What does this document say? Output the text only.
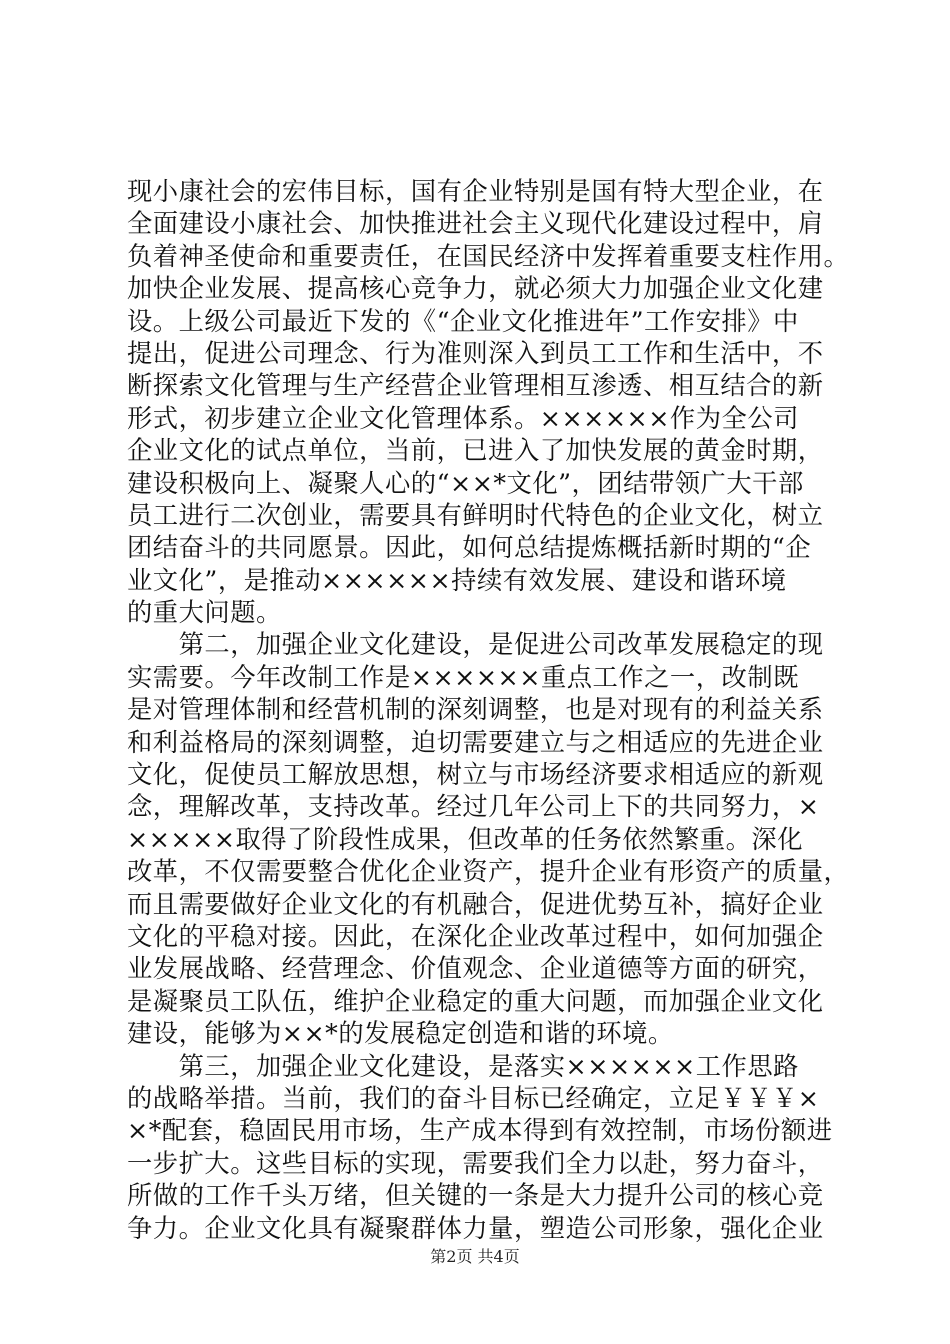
现小康社会的宏伟目标，国有企业特别是国有特大型企业，在
全面建设小康社会、加快推进社会主义现代化建设过程中，肩
负着神圣使命和重要责任，在国民经济中发挥着重要支柱作用。
加快企业发展、提高核心竞争力，就必须大力加强企业文化建
设。上级公司最近下发的《“企业文化推进年”工作安排》中
提出，促进公司理念、行为准则深入到员工工作和生活中，不
断探索文化管理与生产经营企业管理相互渗透、相互结合的新
形式，初步建立企业文化管理体系。××××××作为全公司
企业文化的试点单位，当前，已进入了加快发展的黄金时期，
建设积极向上、凝聚人心的“××*文化”，团结带领广大干部
员工进行二次创业，需要具有鲜明时代特色的企业文化，树立
团结奋斗的共同愿景。因此，如何总结提炼概括新时期的“企
业文化”，是推动××××××持续有效发展、建设和谐环境
的重大问题。
　　第二，加强企业文化建设，是促进公司改革发展稳定的现
实需要。今年改制工作是××××××重点工作之一，改制既
是对管理体制和经营机制的深刻调整，也是对现有的利益关系
和利益格局的深刻调整，迫切需要建立与之相适应的先进企业
文化，促使员工解放思想，树立与市场经济要求相适应的新观
念，理解改革，支持改革。经过几年公司上下的共同努力，×
×××××取得了阶段性成果，但改革的任务依然繁重。深化
改革，不仅需要整合优化企业资产，提升企业有形资产的质量，
而且需要做好企业文化的有机融合，促进优势互补，搞好企业
文化的平稳对接。因此，在深化企业改革过程中，如何加强企
业发展战略、经营理念、价值观念、企业道德等方面的研究，
是凝聚员工队伍，维护企业稳定的重大问题，而加强企业文化
建设，能够为××*的发展稳定创造和谐的环境。
　　第三，加强企业文化建设，是落实××××××工作思路
的战略举措。当前，我们的奋斗目标已经确定，立足￥￥￥×
×*配套，稳固民用市场，生产成本得到有效控制，市场份额进
一步扩大。这些目标的实现，需要我们全力以赴，努力奋斗，
所做的工作千头万绪，但关键的一条是大力提升公司的核心竞
争力。企业文化具有凝聚群体力量，塑造公司形象，强化企业
第2页 共4页
